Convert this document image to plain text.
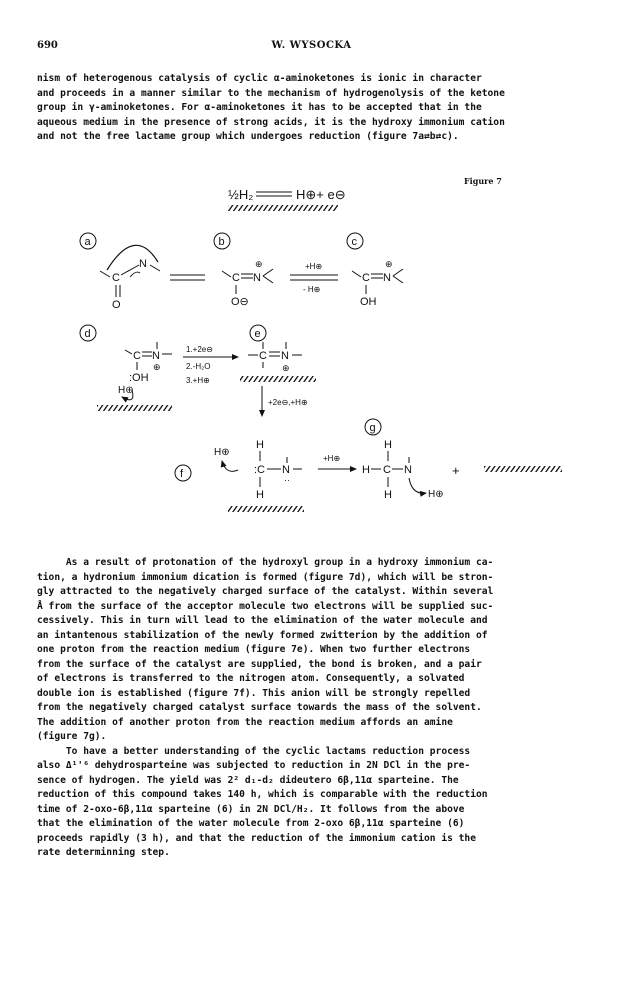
690	W. WYSOCKA

nism of heterogenous catalysis of cyclic α-aminoketones is ionic in character
and proceeds in a manner similar to the mechanism of hydrogenolysis of the ketone
group in γ-aminoketones. For α-aminoketones it has to be accepted that in the
aqueous medium in the presence of strong acids, it is the hydroxy immonium cation
and not the free lactame group which undergoes reduction (figure 7a⇄b⇄c).

Figure 7
½H₂	H⊕+ e⊖
a	b	c
d	e
f
g
C
N
O
C N
O⊖
⊕	+H⊕
- H⊕
C N
OH
⊕
C N
⊕
:OH
H⊕
1.+2e⊖
2.-H₂O
3.+H⊕
C N
⊕
+2e⊖,+H⊕
H⊕
H
:C N
··
H
+H⊕
H
H C N
H	H⊕
+

As a result of protonation of the hydroxyl group in a hydroxy immonium ca-
tion, a hydronium immonium dication is formed (figure 7d), which will be stron-
gly attracted to the negatively charged surface of the catalyst. Within several
Å from the surface of the acceptor molecule two electrons will be supplied suc-
cessively. This in turn will lead to the elimination of the water molecule and
an intantenous stabilization of the newly formed zwitterion by the addition of
one proton from the reaction medium (figure 7e). When two further electrons
from the surface of the catalyst are supplied, the bond is broken, and a pair
of electrons is transferred to the nitrogen atom. Consequently, a solvated
double ion is established (figure 7f). This anion will be strongly repelled
from the negatively charged catalyst surface towards the mass of the solvent.
The addition of another proton from the reaction medium affords an amine
(figure 7g).
To have a better understanding of the cyclic lactams reduction process
also Δ¹'⁶ dehydrosparteine was subjected to reduction in 2N DCl in the pre-
sence of hydrogen. The yield was 2² d₁-d₂ dideutero 6β,11α sparteine. The
reduction of this compound takes 140 h, which is comparable with the reduction
time of 2-oxo-6β,11α sparteine (6) in 2N DCl/H₂. It follows from the above
that the elimination of the water molecule from 2-oxo 6β,11α sparteine (6)
proceeds rapidly (3 h), and that the reduction of the immonium cation is the
rate determinning step.
